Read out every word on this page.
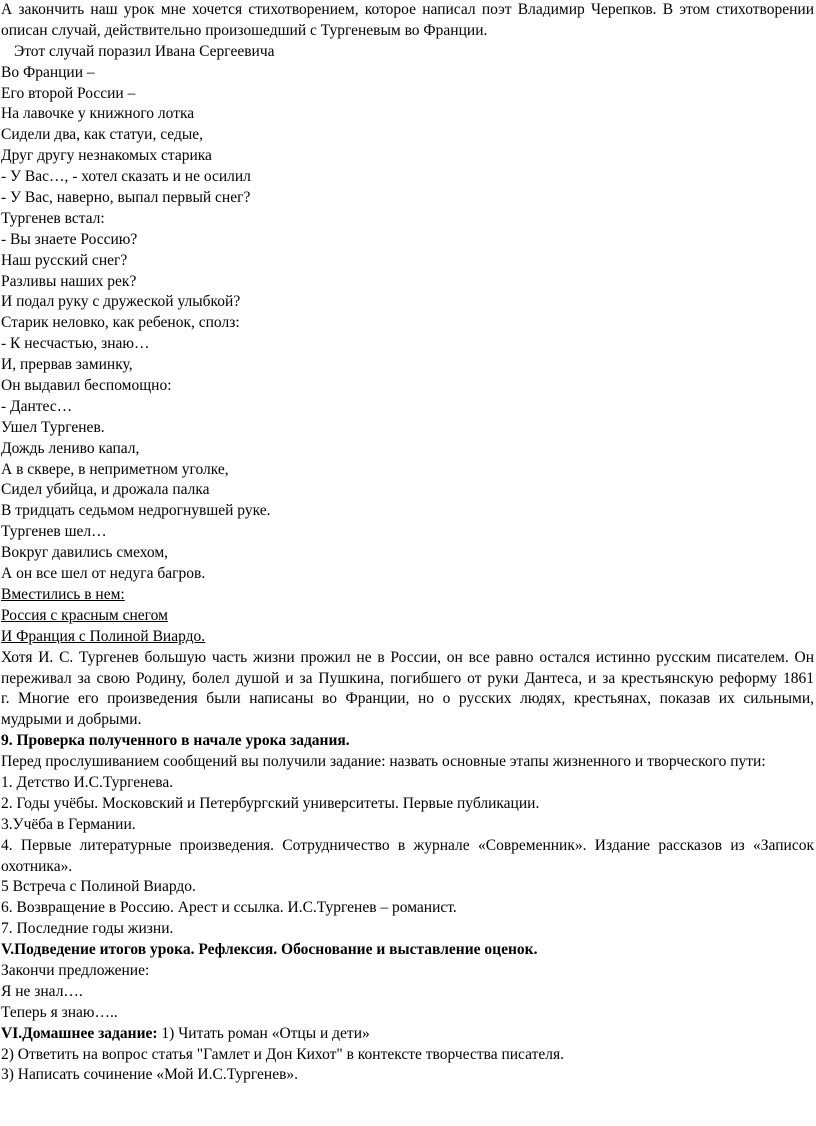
А закончить наш урок мне хочется стихотворением, которое написал поэт Владимир Черепков. В этом стихотворении
описан случай, действительно произошедший с Тургеневым во Франции.
Этот случай поразил Ивана Сергеевича
Во Франции –
Его второй России –
На лавочке у книжного лотка
Сидели два, как статуи, седые,
Друг другу незнакомых старика
- У Вас…, - хотел сказать и не осилил
- У Вас, наверно, выпал первый снег?
Тургенев встал:
- Вы знаете Россию?
Наш русский снег?
Разливы наших рек?
И подал руку с дружеской улыбкой?
Старик неловко, как ребенок, сполз:
- К несчастью, знаю…
И, прервав заминку,
Он выдавил беспомощно:
- Дантес…
Ушел Тургенев.
Дождь лениво капал,
А в сквере, в неприметном уголке,
Сидел убийца, и дрожала палка
В тридцать седьмом недрогнувшей руке.
Тургенев шел…
Вокруг давились смехом,
А он все шел от недуга багров.
Вместились в нем:
Россия с красным снегом
И Франция с Полиной Виардо.
Хотя И. С. Тургенев большую часть жизни прожил не в России, он все равно остался истинно русским писателем. Он
переживал за свою Родину, болел душой и за Пушкина, погибшего от руки Дантеса, и за крестьянскую реформу 1861
г. Многие его произведения были написаны во Франции, но о русских людях, крестьянах, показав их сильными,
мудрыми и добрыми.
9. Проверка полученного в начале урока задания.
Перед прослушиванием сообщений вы получили задание: назвать основные этапы жизненного и творческого пути:
1. Детство И.С.Тургенева.
2. Годы учёбы. Московский и Петербургский университеты. Первые публикации.
3.Учёба в Германии.
4. Первые литературные произведения. Сотрудничество в журнале «Современник». Издание рассказов из «Записок
охотника».
5 Встреча с Полиной Виардо.
6. Возвращение в Россию. Арест и ссылка. И.С.Тургенев – романист.
7. Последние годы жизни.
V.Подведение итогов урока. Рефлексия. Обоснование и выставление оценок.
Закончи предложение:
Я не знал….
Теперь я знаю…..
VI.Домашнее задание: 1) Читать роман «Отцы и дети»
2) Ответить на вопрос статья "Гамлет и Дон Кихот" в контексте творчества писателя.
3) Написать сочинение «Мой И.С.Тургенев».
